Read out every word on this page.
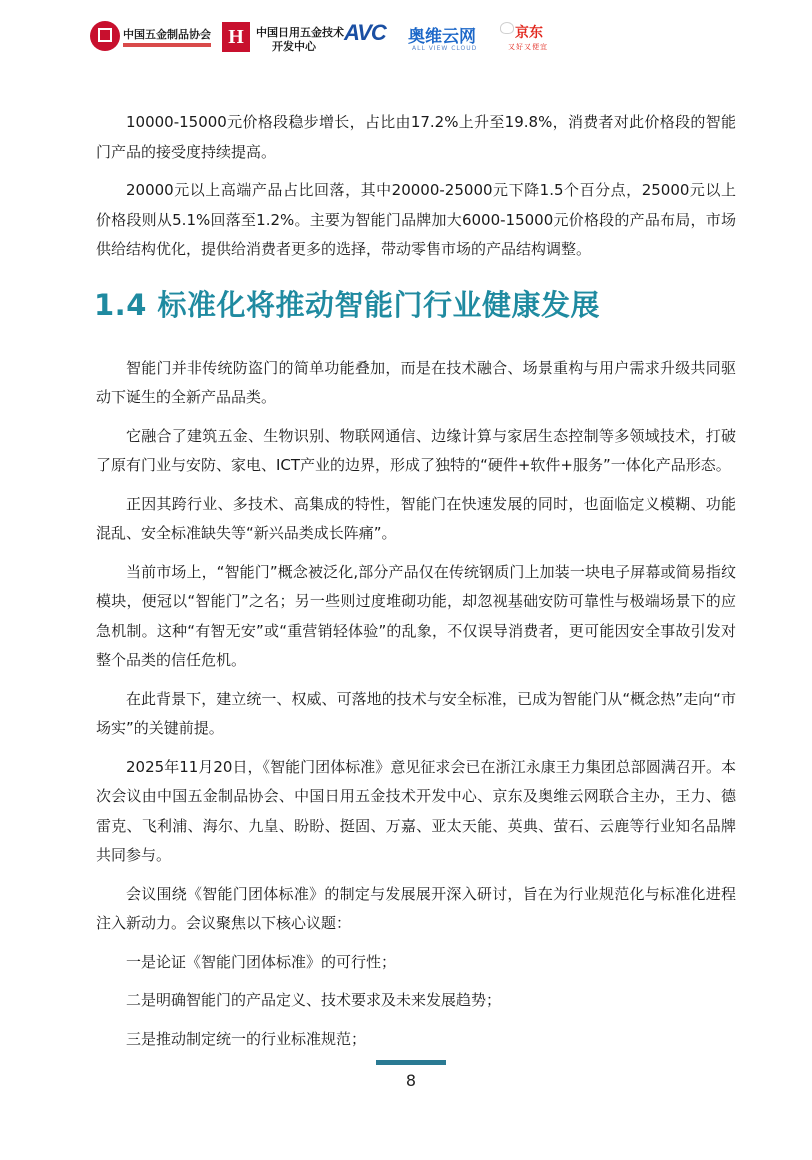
中国五金制品协会 H	中国日用五金技术
开发中心
AVC 奥维云网
ALL VIEW CLOUD
京东
又好又便宜

10000-15000元价格段稳步增长，占比由17.2%上升至19.8%，消费者对此价格段的智能门产品的接受度持续提高。

20000元以上高端产品占比回落，其中20000-25000元下降1.5个百分点，25000元以上价格段则从5.1%回落至1.2%。主要为智能门品牌加大6000-15000元价格段的产品布局，市场供给结构优化，提供给消费者更多的选择，带动零售市场的产品结构调整。

1.4 标准化将推动智能门行业健康发展

智能门并非传统防盗门的简单功能叠加，而是在技术融合、场景重构与用户需求升级共同驱动下诞生的全新产品品类。

它融合了建筑五金、生物识别、物联网通信、边缘计算与家居生态控制等多领域技术，打破了原有门业与安防、家电、ICT产业的边界，形成了独特的“硬件+软件+服务”一体化产品形态。

正因其跨行业、多技术、高集成的特性，智能门在快速发展的同时，也面临定义模糊、功能混乱、安全标准缺失等“新兴品类成长阵痛”。

当前市场上，“智能门”概念被泛化,部分产品仅在传统钢质门上加装一块电子屏幕或简易指纹模块，便冠以“智能门”之名；另一些则过度堆砌功能，却忽视基础安防可靠性与极端场景下的应急机制。这种“有智无安”或“重营销轻体验”的乱象，不仅误导消费者，更可能因安全事故引发对整个品类的信任危机。

在此背景下，建立统一、权威、可落地的技术与安全标准，已成为智能门从“概念热”走向“市场实”的关键前提。

2025年11月20日，《智能门团体标准》意见征求会已在浙江永康王力集团总部圆满召开。本次会议由中国五金制品协会、中国日用五金技术开发中心、京东及奥维云网联合主办，王力、德雷克、飞利浦、海尔、九皇、盼盼、挺固、万嘉、亚太天能、英典、萤石、云鹿等行业知名品牌共同参与。

会议围绕《智能门团体标准》的制定与发展展开深入研讨，旨在为行业规范化与标准化进程注入新动力。会议聚焦以下核心议题：

一是论证《智能门团体标准》的可行性；

二是明确智能门的产品定义、技术要求及未来发展趋势；

三是推动制定统一的行业标准规范；

8
